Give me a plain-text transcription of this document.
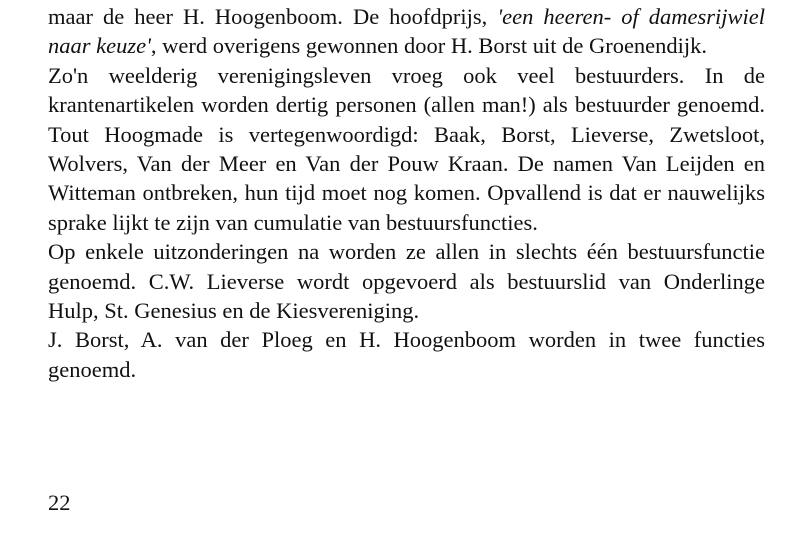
maar de heer H. Hoogenboom. De hoofdprijs, 'een heeren- of damesrijwiel naar keuze', werd overigens gewonnen door H. Borst uit de Groenendijk.

Zo'n weelderig verenigingsleven vroeg ook veel bestuurders. In de krantenartikelen worden dertig personen (allen man!) als bestuurder genoemd. Tout Hoogmade is vertegenwoordigd: Baak, Borst, Lieverse, Zwetsloot, Wolvers, Van der Meer en Van der Pouw Kraan. De namen Van Leijden en Witteman ontbreken, hun tijd moet nog komen. Opvallend is dat er nauwelijks sprake lijkt te zijn van cumulatie van bestuursfuncties.

Op enkele uitzonderingen na worden ze allen in slechts één bestuursfunctie genoemd. C.W. Lieverse wordt opgevoerd als bestuurslid van Onderlinge Hulp, St. Genesius en de Kiesvereniging.

J. Borst, A. van der Ploeg en H. Hoogenboom worden in twee functies genoemd.

22
